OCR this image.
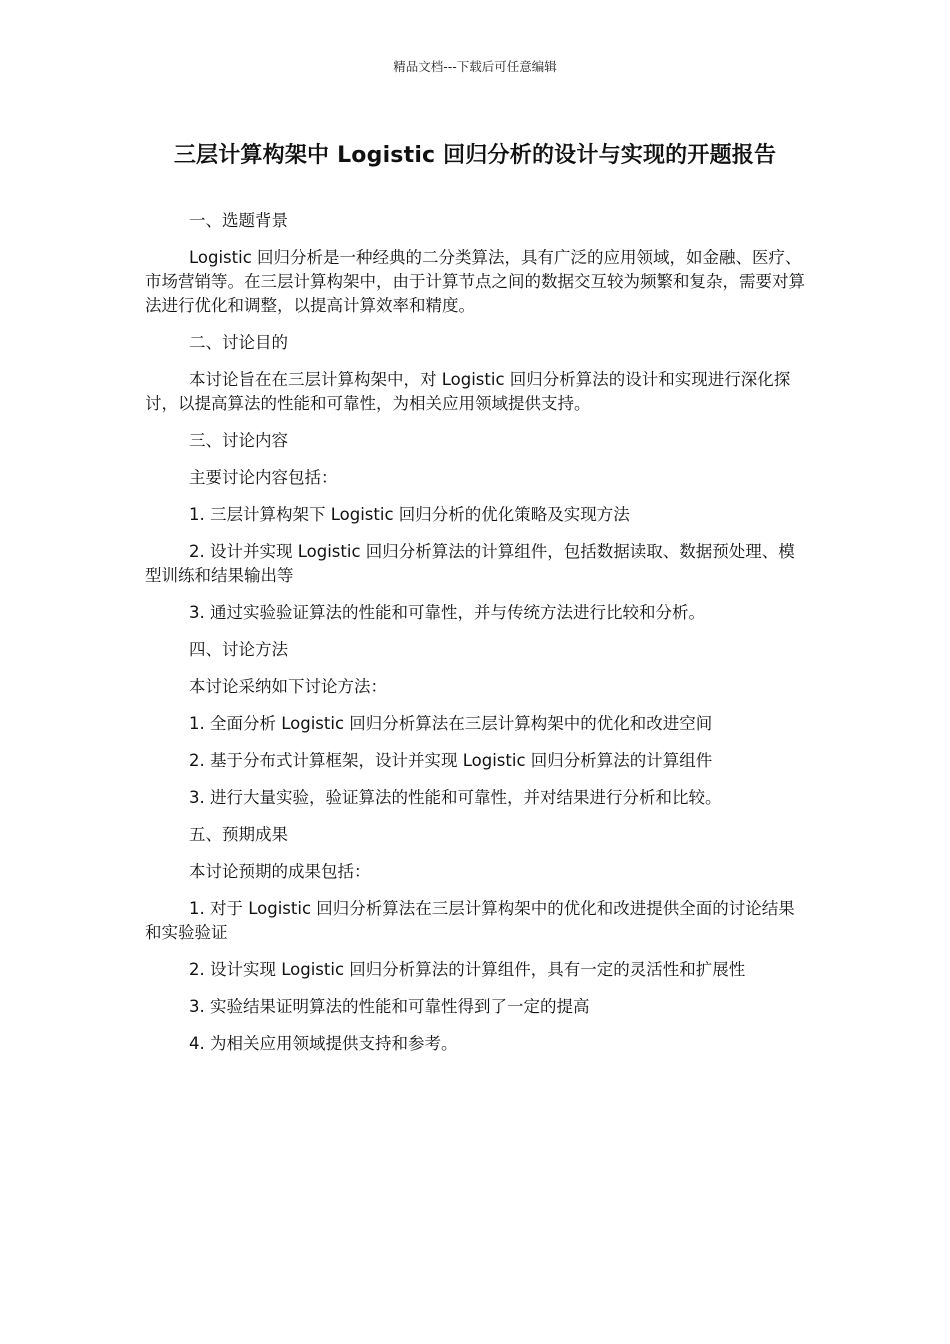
精品文档---下载后可任意编辑
三层计算构架中 Logistic 回归分析的设计与实现的开题报告

一、选题背景

Logistic 回归分析是一种经典的二分类算法，具有广泛的应用领域，如金融、医疗、市场营销等。在三层计算构架中，由于计算节点之间的数据交互较为频繁和复杂，需要对算法进行优化和调整，以提高计算效率和精度。

二、讨论目的

本讨论旨在在三层计算构架中，对 Logistic 回归分析算法的设计和实现进行深化探讨，以提高算法的性能和可靠性，为相关应用领域提供支持。

三、讨论内容

主要讨论内容包括：

1. 三层计算构架下 Logistic 回归分析的优化策略及实现方法

2. 设计并实现 Logistic 回归分析算法的计算组件，包括数据读取、数据预处理、模型训练和结果输出等

3. 通过实验验证算法的性能和可靠性，并与传统方法进行比较和分析。

四、讨论方法

本讨论采纳如下讨论方法：

1. 全面分析 Logistic 回归分析算法在三层计算构架中的优化和改进空间

2. 基于分布式计算框架，设计并实现 Logistic 回归分析算法的计算组件

3. 进行大量实验，验证算法的性能和可靠性，并对结果进行分析和比较。

五、预期成果

本讨论预期的成果包括：

1. 对于 Logistic 回归分析算法在三层计算构架中的优化和改进提供全面的讨论结果和实验验证

2. 设计实现 Logistic 回归分析算法的计算组件，具有一定的灵活性和扩展性

3. 实验结果证明算法的性能和可靠性得到了一定的提高

4. 为相关应用领域提供支持和参考。
